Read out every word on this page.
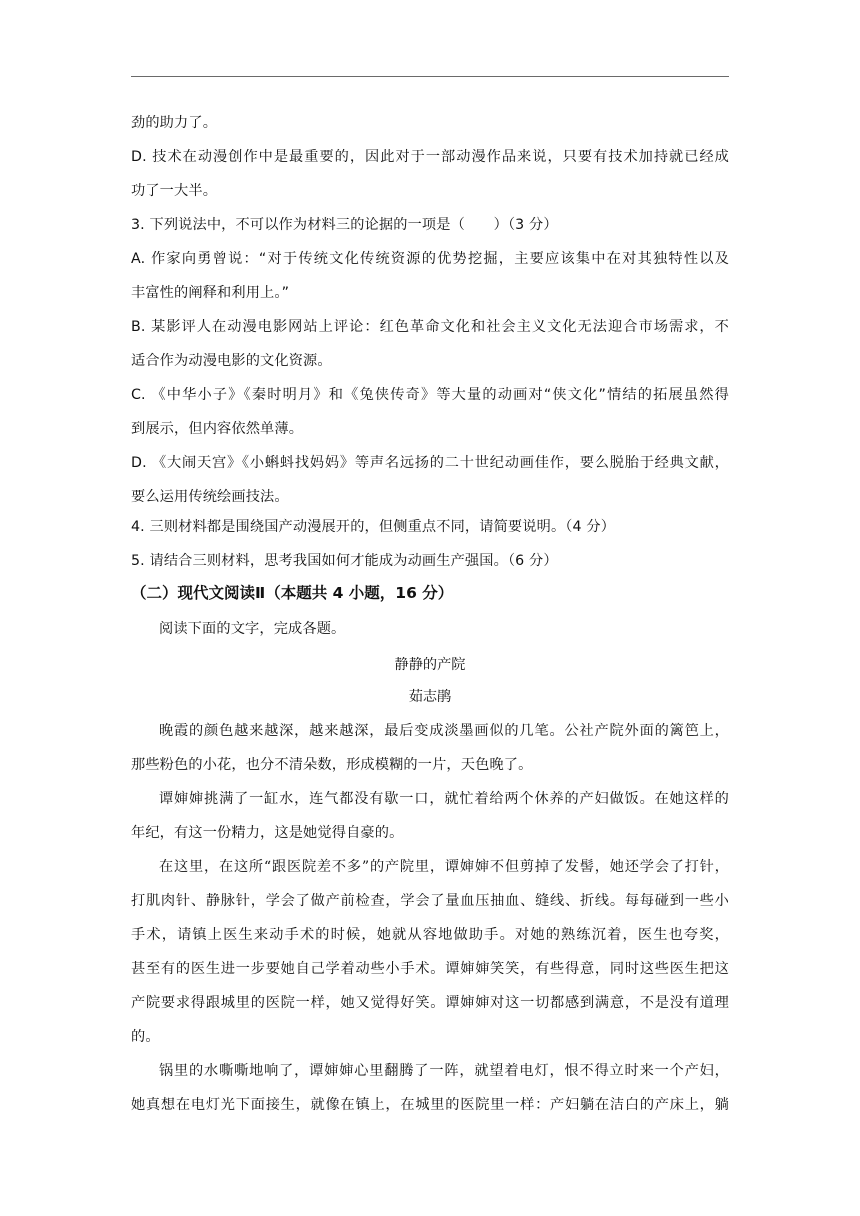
劲的助力了。
D. 技术在动漫创作中是最重要的，因此对于一部动漫作品来说，只要有技术加持就已经成
功了一大半。
3. 下列说法中，不可以作为材料三的论据的一项是（　　）（3 分）
A. 作家向勇曾说：“对于传统文化传统资源的优势挖掘，主要应该集中在对其独特性以及
丰富性的阐释和利用上。”
B. 某影评人在动漫电影网站上评论：红色革命文化和社会主义文化无法迎合市场需求，不
适合作为动漫电影的文化资源。
C. 《中华小子》《秦时明月》和《兔侠传奇》等大量的动画对“侠文化”情结的拓展虽然得
到展示，但内容依然单薄。
D. 《大闹天宫》《小蝌蚪找妈妈》等声名远扬的二十世纪动画佳作，要么脱胎于经典文献，
要么运用传统绘画技法。
4. 三则材料都是围绕国产动漫展开的，但侧重点不同，请简要说明。（4 分）
5. 请结合三则材料，思考我国如何才能成为动画生产强国。（6 分）
（二）现代文阅读Ⅱ（本题共 4 小题，16 分）
阅读下面的文字，完成各题。
静静的产院
茹志鹃
晚霞的颜色越来越深，越来越深，最后变成淡墨画似的几笔。公社产院外面的篱笆上，
那些粉色的小花，也分不清朵数，形成模糊的一片，天色晚了。
谭婶婶挑满了一缸水，连气都没有歇一口，就忙着给两个休养的产妇做饭。在她这样的
年纪，有这一份精力，这是她觉得自豪的。
在这里，在这所“跟医院差不多”的产院里，谭婶婶不但剪掉了发髻，她还学会了打针，
打肌肉针、静脉针，学会了做产前检查，学会了量血压抽血、缝线、折线。每每碰到一些小
手术，请镇上医生来动手术的时候，她就从容地做助手。对她的熟练沉着，医生也夸奖，
甚至有的医生进一步要她自己学着动些小手术。谭婶婶笑笑，有些得意，同时这些医生把这
产院要求得跟城里的医院一样，她又觉得好笑。谭婶婶对这一切都感到满意，不是没有道理
的。
锅里的水嘶嘶地响了，谭婶婶心里翻腾了一阵，就望着电灯，恨不得立时来一个产妇，
她真想在电灯光下面接生，就像在镇上，在城里的医院里一样：产妇躺在洁白的产床上，躺
